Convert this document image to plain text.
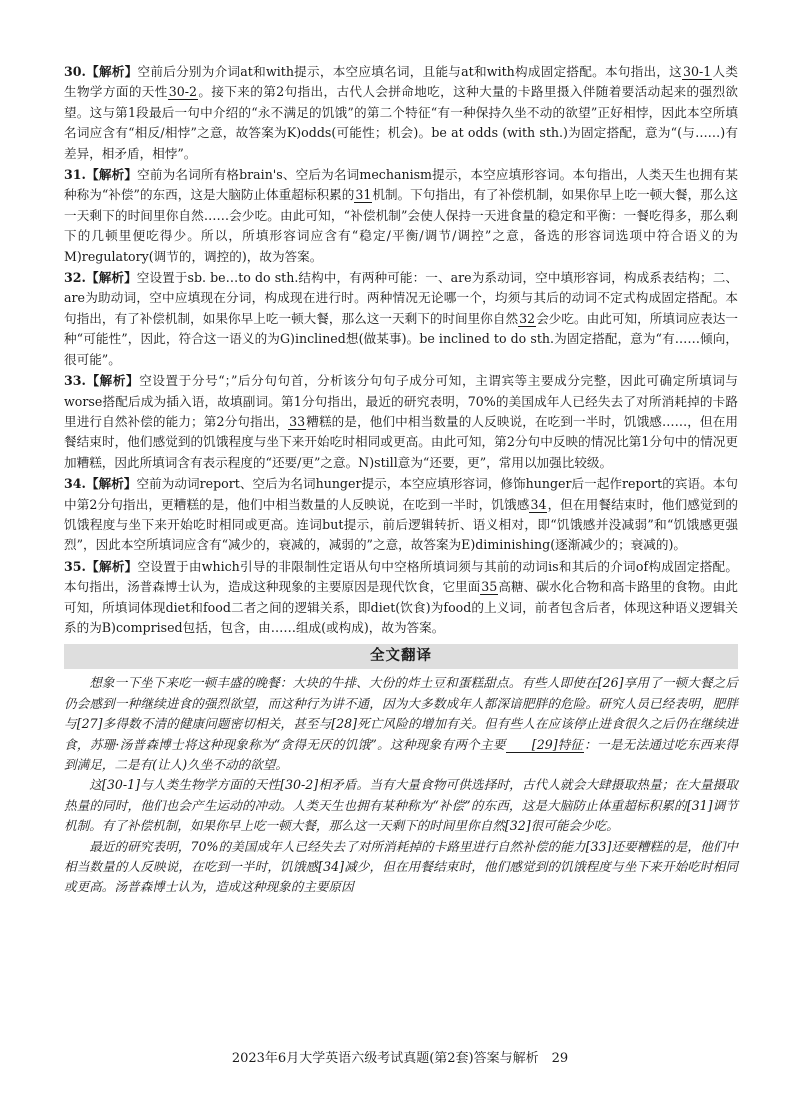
30.【解析】空前后分别为介词at和with提示，本空应填名词，且能与at和with构成固定搭配。本句指出，这30-1人类生物学方面的天性30-2。接下来的第2句指出，古代人会拼命地吃，这种大量的卡路里摄入伴随着要活动起来的强烈欲望。这与第1段最后一句中介绍的“永不满足的饥饿”的第二个特征“有一种保持久坐不动的欲望”正好相悖，因此本空所填名词应含有“相反/相悖”之意，故答案为K)odds(可能性；机会)。be at odds (with sth.)为固定搭配，意为“(与……)有差异，相矛盾，相悖”。

31.【解析】空前为名词所有格brain's、空后为名词mechanism提示，本空应填形容词。本句指出，人类天生也拥有某种称为“补偿”的东西，这是大脑防止体重超标积累的31机制。下句指出，有了补偿机制，如果你早上吃一顿大餐，那么这一天剩下的时间里你自然……会少吃。由此可知，“补偿机制”会使人保持一天进食量的稳定和平衡：一餐吃得多，那么剩下的几顿里便吃得少。所以，所填形容词应含有“稳定/平衡/调节/调控”之意，备选的形容词选项中符合语义的为M)regulatory(调节的，调控的)，故为答案。

32.【解析】空设置于sb. be…to do sth.结构中，有两种可能：一、are为系动词，空中填形容词，构成系表结构；二、are为助动词，空中应填现在分词，构成现在进行时。两种情况无论哪一个，均须与其后的动词不定式构成固定搭配。本句指出，有了补偿机制，如果你早上吃一顿大餐，那么这一天剩下的时间里你自然32会少吃。由此可知，所填词应表达一种“可能性”，因此，符合这一语义的为G)inclined想(做某事)。be inclined to do sth.为固定搭配，意为“有……倾向，很可能”。

33.【解析】空设置于分号“；”后分句句首，分析该分句句子成分可知，主谓宾等主要成分完整，因此可确定所填词与worse搭配后成为插入语，故填副词。第1分句指出，最近的研究表明，70%的美国成年人已经失去了对所消耗掉的卡路里进行自然补偿的能力；第2分句指出，33糟糕的是，他们中相当数量的人反映说，在吃到一半时，饥饿感……，但在用餐结束时，他们感觉到的饥饿程度与坐下来开始吃时相同或更高。由此可知，第2分句中反映的情况比第1分句中的情况更加糟糕，因此所填词含有表示程度的“还要/更”之意。N)still意为“还要，更”，常用以加强比较级。

34.【解析】空前为动词report、空后为名词hunger提示，本空应填形容词，修饰hunger后一起作report的宾语。本句中第2分句指出，更糟糕的是，他们中相当数量的人反映说，在吃到一半时，饥饿感34，但在用餐结束时，他们感觉到的饥饿程度与坐下来开始吃时相同或更高。连词but提示，前后逻辑转折、语义相对，即“饥饿感并没减弱”和“饥饿感更强烈”，因此本空所填词应含有“减少的，衰减的，减弱的”之意，故答案为E)diminishing(逐渐减少的；衰减的)。

35.【解析】空设置于由which引导的非限制性定语从句中空格所填词须与其前的动词is和其后的介词of构成固定搭配。本句指出，汤普森博士认为，造成这种现象的主要原因是现代饮食，它里面35高糖、碳水化合物和高卡路里的食物。由此可知，所填词体现diet和food二者之间的逻辑关系，即diet(饮食)为food的上义词，前者包含后者，体现这种语义逻辑关系的为B)comprised包括，包含，由……组成(或构成)，故为答案。

全文翻译

想象一下坐下来吃一顿丰盛的晚餐：大块的牛排、大份的炸土豆和蛋糕甜点。有些人即使在[26]享用了一顿大餐之后仍会感到一种继续进食的强烈欲望，而这种行为讲不通，因为大多数成年人都深谙肥胖的危险。研究人员已经表明，肥胖与[27]多得数不清的健康问题密切相关，甚至与[28]死亡风险的增加有关。但有些人在应该停止进食很久之后仍在继续进食，苏珊·汤普森博士将这种现象称为“贪得无厌的饥饿”。这种现象有两个主要 [29]特征：一是无法通过吃东西来得到满足，二是有(让人)久坐不动的欲望。

这[30-1]与人类生物学方面的天性[30-2]相矛盾。当有大量食物可供选择时，古代人就会大肆摄取热量；在大量摄取热量的同时，他们也会产生运动的冲动。人类天生也拥有某种称为“补偿”的东西，这是大脑防止体重超标积累的[31]调节机制。有了补偿机制，如果你早上吃一顿大餐，那么这一天剩下的时间里你自然[32]很可能会少吃。

最近的研究表明，70%的美国成年人已经失去了对所消耗掉的卡路里进行自然补偿的能力[33]还要糟糕的是，他们中相当数量的人反映说，在吃到一半时，饥饿感[34]减少，但在用餐结束时，他们感觉到的饥饿程度与坐下来开始吃时相同或更高。汤普森博士认为，造成这种现象的主要原因

2023年6月大学英语六级考试真题(第2套)答案与解析　29
